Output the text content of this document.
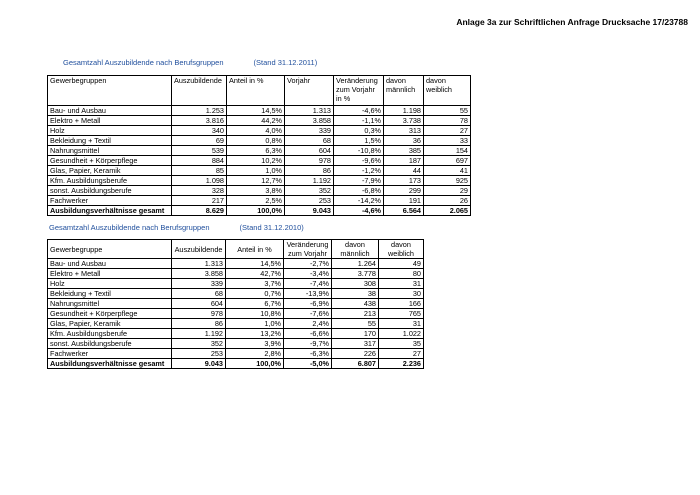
Anlage 3a zur Schriftlichen Anfrage Drucksache 17/23788
Gesamtzahl Auszubildende nach Berufsgruppen	(Stand 31.12.2011)
Gewerbegruppen	Auszubildende	Anteil in %	Vorjahr	Veränderung zum Vorjahr in %	davon männlich	davon weiblich
Bau- und Ausbau	1.253	14,5%	1.313	-4,6%	1.198	55
Elektro + Metall	3.816	44,2%	3.858	-1,1%	3.738	78
Holz	340	4,0%	339	0,3%	313	27
Bekleidung + Textil	69	0,8%	68	1,5%	36	33
Nahrungsmittel	539	6,3%	604	-10,8%	385	154
Gesundheit + Körperpflege	884	10,2%	978	-9,6%	187	697
Glas, Papier, Keramik	85	1,0%	86	-1,2%	44	41
Kfm. Ausbildungsberufe	1.098	12,7%	1.192	-7,9%	173	925
sonst. Ausbildungsberufe	328	3,8%	352	-6,8%	299	29
Fachwerker	217	2,5%	253	-14,2%	191	26
Ausbildungsverhältnisse gesamt	8.629	100,0%	9.043	-4,6%	6.564	2.065
Gesamtzahl Auszubildende nach Berufsgruppen	(Stand 31.12.2010)
Gewerbegruppe	Auszubildende	Anteil in %	Veränderung zum Vorjahr	davon männlich	davon weiblich
Bau- und Ausbau	1.313	14,5%	-2,7%	1.264	49
Elektro + Metall	3.858	42,7%	-3,4%	3.778	80
Holz	339	3,7%	-7,4%	308	31
Bekleidung + Textil	68	0,7%	-13,9%	38	30
Nahrungsmittel	604	6,7%	-6,9%	438	166
Gesundheit + Körperpflege	978	10,8%	-7,6%	213	765
Glas, Papier, Keramik	86	1,0%	2,4%	55	31
Kfm. Ausbildungsberufe	1.192	13,2%	-6,6%	170	1.022
sonst. Ausbildungsberufe	352	3,9%	-9,7%	317	35
Fachwerker	253	2,8%	-6,3%	226	27
Ausbildungsverhältnisse gesamt	9.043	100,0%	-5,0%	6.807	2.236
